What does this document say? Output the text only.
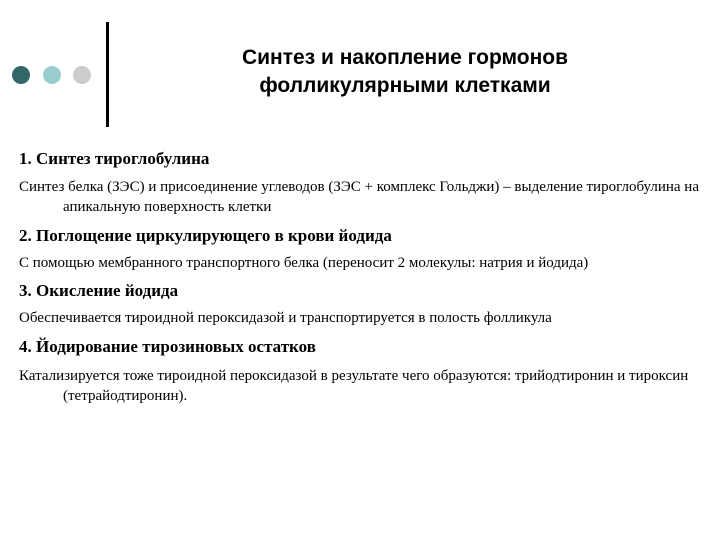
Синтез и накопление гормонов
фолликулярными клетками

1. Синтез тироглобулина

Синтез белка (ЗЭС) и присоединение углеводов (ЗЭС + комплекс Гольджи) – выделение тироглобулина на апикальную поверхность клетки

2. Поглощение циркулирующего в крови йодида

С помощью мембранного транспортного белка (переносит 2 молекулы: натрия и йодида)

3. Окисление йодида

Обеспечивается тироидной пероксидазой и транспортируется в полость фолликула

4. Йодирование тирозиновых остатков

Катализируется тоже тироидной пероксидазой в результате чего образуются: трийодтиронин и тироксин (тетрайодтиронин).
